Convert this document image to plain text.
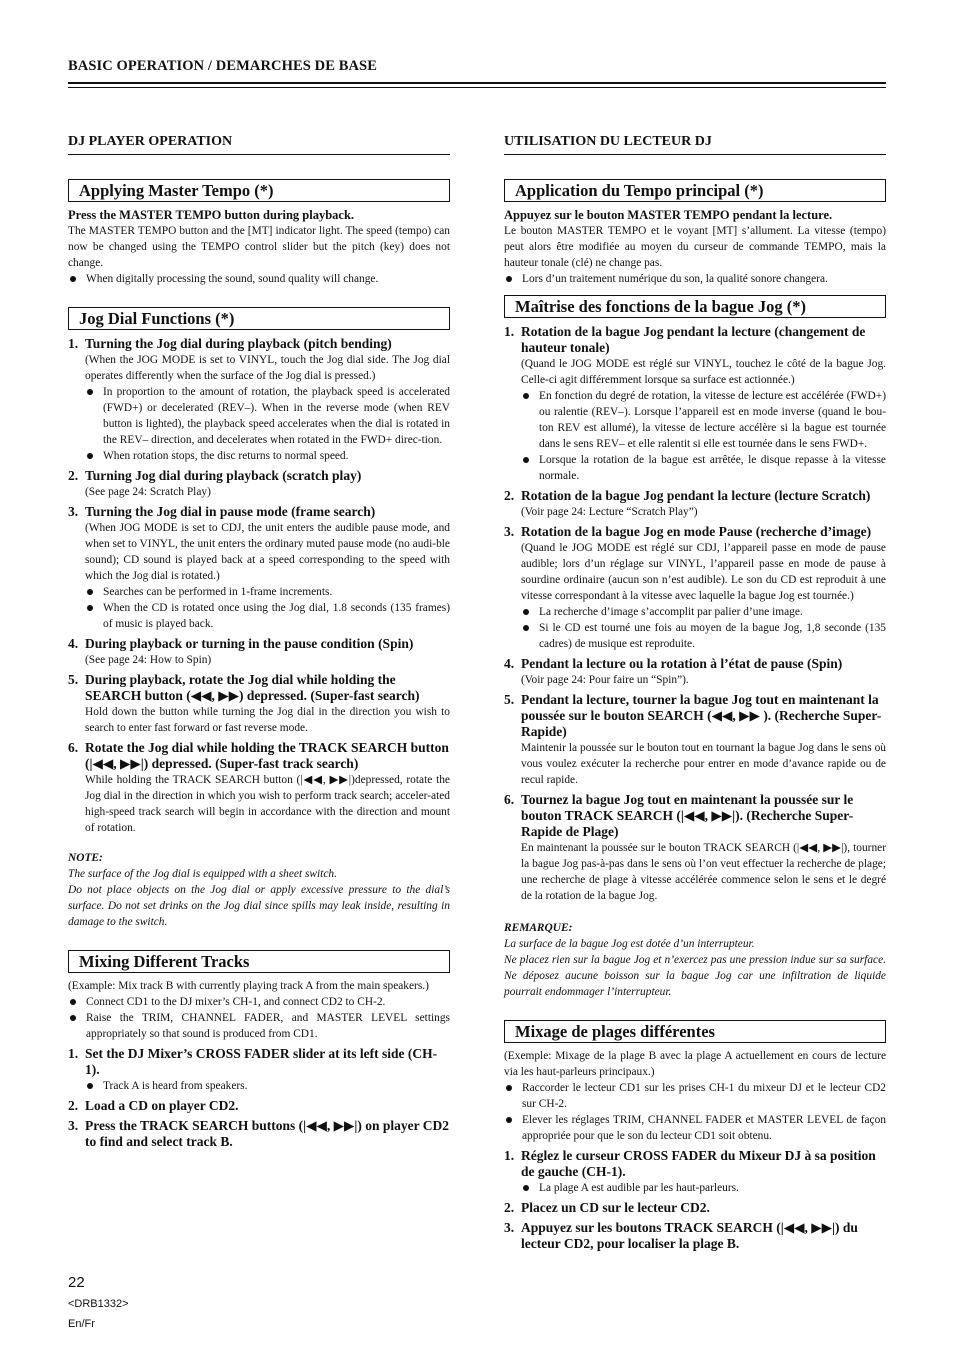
BASIC OPERATION / DEMARCHES DE BASE
DJ PLAYER OPERATION
Applying Master Tempo (*)
Press the MASTER TEMPO button during playback.
The MASTER TEMPO button and the [MT] indicator light. The speed (tempo) can now be changed using the TEMPO control slider but the pitch (key) does not change.
When digitally processing the sound, sound quality will change.
Jog Dial Functions (*)
1. Turning the Jog dial during playback (pitch bending)
(When the JOG MODE is set to VINYL, touch the Jog dial side. The Jog dial operates differently when the surface of the Jog dial is pressed.)
In proportion to the amount of rotation, the playback speed is accelerated (FWD+) or decelerated (REV–). When in the reverse mode (when REV button is lighted), the playback speed accelerates when the dial is rotated in the REV– direction, and decelerates when rotated in the FWD+ direc-tion.
When rotation stops, the disc returns to normal speed.
2. Turning Jog dial during playback (scratch play)
(See page 24: Scratch Play)
3. Turning the Jog dial in pause mode (frame search)
(When JOG MODE is set to CDJ, the unit enters the audible pause mode, and when set to VINYL, the unit enters the ordinary muted pause mode (no audi-ble sound); CD sound is played back at a speed corresponding to the speed with which the Jog dial is rotated.)
Searches can be performed in 1-frame increments.
When the CD is rotated once using the Jog dial, 1.8 seconds (135 frames) of music is played back.
4. During playback or turning in the pause condition (Spin)
(See page 24: How to Spin)
5. During playback, rotate the Jog dial while holding the SEARCH button (◀◀, ▶▶) depressed. (Super-fast search)
Hold down the button while turning the Jog dial in the direction you wish to search to enter fast forward or fast reverse mode.
6. Rotate the Jog dial while holding the TRACK SEARCH button (|◀◀, ▶▶|) depressed. (Super-fast track search)
While holding the TRACK SEARCH button (|◀◀, ▶▶|)depressed, rotate the Jog dial in the direction in which you wish to perform track search; acceler-ated high-speed track search will begin in accordance with the direction and mount of rotation.
NOTE:
The surface of the Jog dial is equipped with a sheet switch.
Do not place objects on the Jog dial or apply excessive pressure to the dial’s surface. Do not set drinks on the Jog dial since spills may leak inside, resulting in damage to the switch.
Mixing Different Tracks
(Example: Mix track B with currently playing track A from the main speakers.)
Connect CD1 to the DJ mixer’s CH-1, and connect CD2 to CH-2.
Raise the TRIM, CHANNEL FADER, and MASTER LEVEL settings appropriately so that sound is produced from CD1.
1. Set the DJ Mixer’s CROSS FADER slider at its left side (CH-1).
Track A is heard from speakers.
2. Load a CD on player CD2.
3. Press the TRACK SEARCH buttons (|◀◀, ▶▶|) on player CD2 to find and select track B.
UTILISATION DU LECTEUR DJ
Application du Tempo principal (*)
Appuyez sur le bouton MASTER TEMPO pendant la lecture.
Le bouton MASTER TEMPO et le voyant [MT] s’allument. La vitesse (tempo) peut alors être modifiée au moyen du curseur de commande TEMPO, mais la hauteur tonale (clé) ne change pas.
Lors d’un traitement numérique du son, la qualité sonore changera.
Maîtrise des fonctions de la bague Jog (*)
1. Rotation de la bague Jog pendant la lecture (changement de hauteur tonale)
(Quand le JOG MODE est réglé sur VINYL, touchez le côté de la bague Jog. Celle-ci agit différemment lorsque sa surface est actionnée.)
En fonction du degré de rotation, la vitesse de lecture est accélérée (FWD+) ou ralentie (REV–). Lorsque l’appareil est en mode inverse (quand le bou-ton REV est allumé), la vitesse de lecture accélère si la bague est tournée dans le sens REV– et elle ralentit si elle est tournée dans le sens FWD+.
Lorsque la rotation de la bague est arrêtée, le disque repasse à la vitesse normale.
2. Rotation de la bague Jog pendant la lecture (lecture Scratch)
(Voir page 24: Lecture “Scratch Play”)
3. Rotation de la bague Jog en mode Pause (recherche d’image)
(Quand le JOG MODE est réglé sur CDJ, l’appareil passe en mode de pause audible; lors d’un réglage sur VINYL, l’appareil passe en mode de pause à sourdine ordinaire (aucun son n’est audible). Le son du CD est reproduit à une vitesse correspondant à la vitesse avec laquelle la bague Jog est tournée.)
La recherche d’image s’accomplit par palier d’une image.
Si le CD est tourné une fois au moyen de la bague Jog, 1,8 seconde (135 cadres) de musique est reproduite.
4. Pendant la lecture ou la rotation à l’état de pause (Spin)
(Voir page 24: Pour faire un “Spin”).
5. Pendant la lecture, tourner la bague Jog tout en maintenant la poussée sur le bouton SEARCH (◀◀, ▶▶ ). (Recherche Super-Rapide)
Maintenir la poussée sur le bouton tout en tournant la bague Jog dans le sens où vous voulez exécuter la recherche pour entrer en mode d’avance rapide ou de recul rapide.
6. Tournez la bague Jog tout en maintenant la poussée sur le bouton TRACK SEARCH (|◀◀, ▶▶|). (Recherche Super-Rapide de Plage)
En maintenant la poussée sur le bouton TRACK SEARCH (|◀◀, ▶▶|), tourner la bague Jog pas-à-pas dans le sens où l’on veut effectuer la recherche de plage; une recherche de plage à vitesse accélérée commence selon le sens et le degré de la rotation de la bague Jog.
REMARQUE:
La surface de la bague Jog est dotée d’un interrupteur.
Ne placez rien sur la bague Jog et n’exercez pas une pression indue sur sa surface. Ne déposez aucune boisson sur la bague Jog car une infiltration de liquide pourrait endommager l’interrupteur.
Mixage de plages différentes
(Exemple: Mixage de la plage B avec la plage A actuellement en cours de lecture via les haut-parleurs principaux.)
Raccorder le lecteur CD1 sur les prises CH-1 du mixeur DJ et le lecteur CD2 sur CH-2.
Elever les réglages TRIM, CHANNEL FADER et MASTER LEVEL de façon appropriée pour que le son du lecteur CD1 soit obtenu.
1. Réglez le curseur CROSS FADER du Mixeur DJ à sa position de gauche (CH-1).
La plage A est audible par les haut-parleurs.
2. Placez un CD sur le lecteur CD2.
3. Appuyez sur les boutons TRACK SEARCH (|◀◀, ▶▶|) du lecteur CD2, pour localiser la plage B.
22
<DRB1332>
En/Fr
